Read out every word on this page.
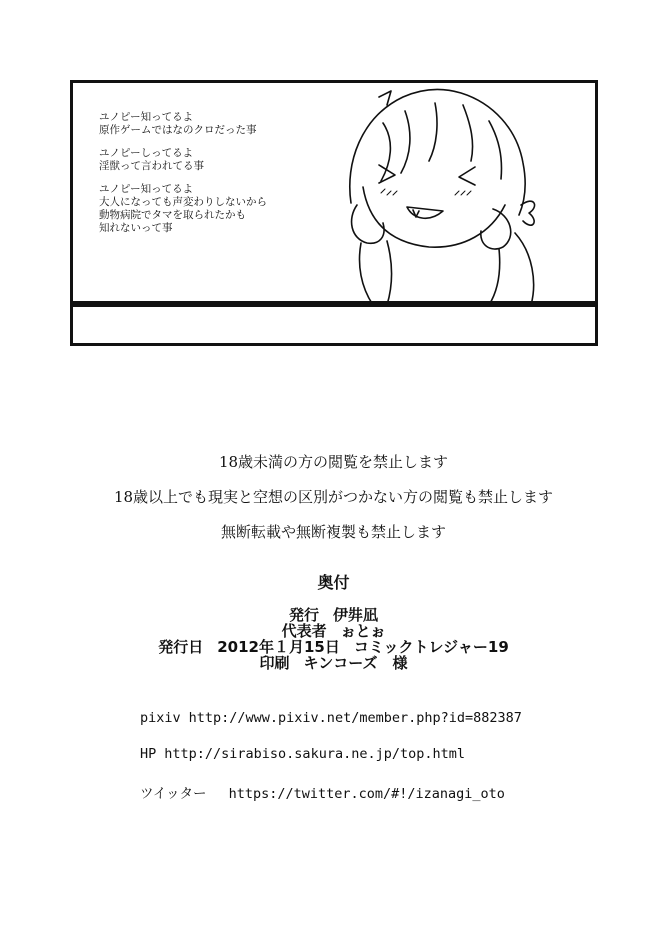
ユノピー知ってるよ
原作ゲームではなのクロだった事
ユノピーしってるよ
淫獣って言われてる事
ユノピー知ってるよ
大人になっても声変わりしないから
動物病院でタマを取られたかも
知れないって事
18歳未満の方の閲覧を禁止します
18歳以上でも現実と空想の区別がつかない方の閲覧も禁止します
無断転載や無断複製も禁止します
奥付
発行 伊弉凪
代表者 ぉとぉ
発行日 2012年１月15日 コミックトレジャー19
印刷 キンコーズ　様
pixiv http://www.pixiv.net/member.php?id=882387
HP http://sirabiso.sakura.ne.jp/top.html
ツイッター https://twitter.com/#!/izanagi_oto
